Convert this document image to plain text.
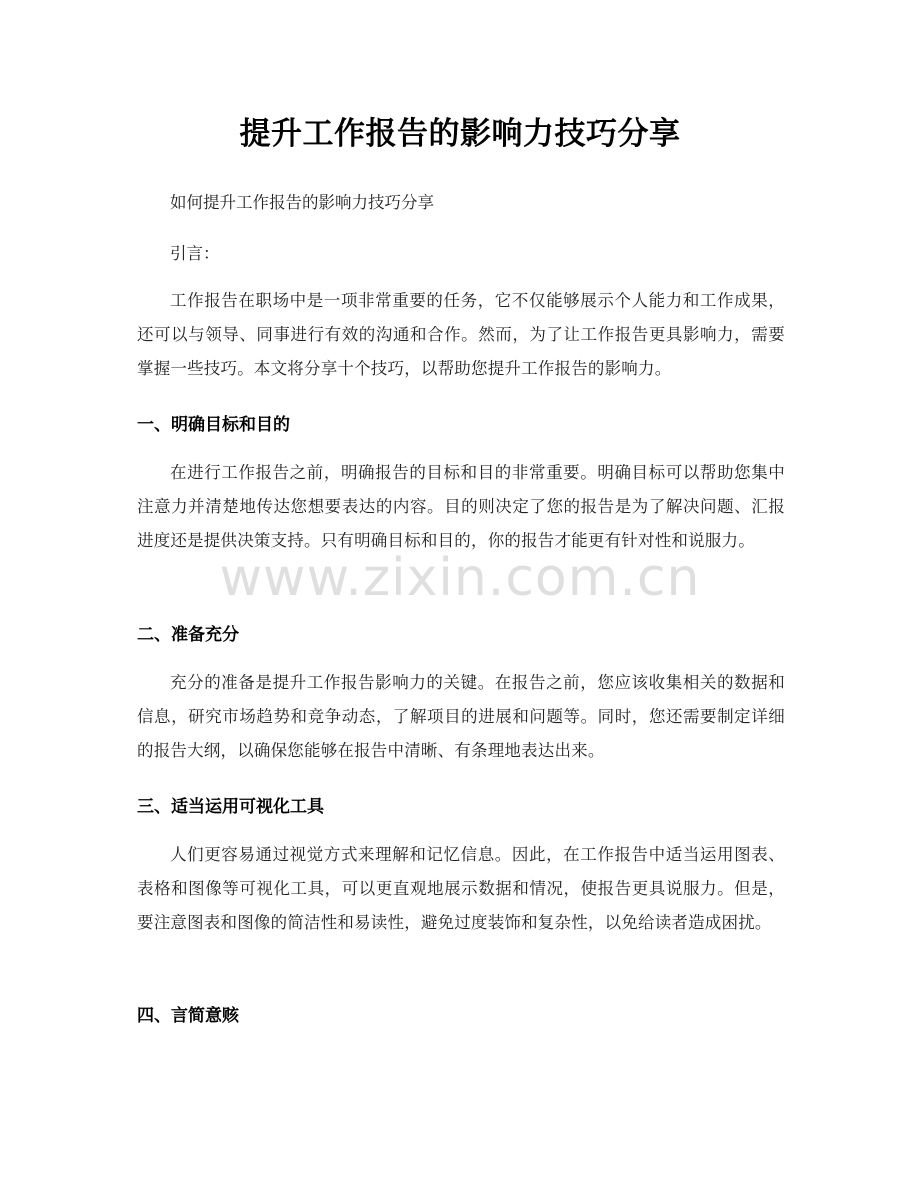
提升工作报告的影响力技巧分享
如何提升工作报告的影响力技巧分享
引言：

工作报告在职场中是一项非常重要的任务，它不仅能够展示个人能力和工作成果，还可以与领导、同事进行有效的沟通和合作。然而，为了让工作报告更具影响力，需要掌握一些技巧。本文将分享十个技巧，以帮助您提升工作报告的影响力。

一、明确目标和目的

在进行工作报告之前，明确报告的目标和目的非常重要。明确目标可以帮助您集中注意力并清楚地传达您想要表达的内容。目的则决定了您的报告是为了解决问题、汇报进度还是提供决策支持。只有明确目标和目的，你的报告才能更有针对性和说服力。

二、准备充分

充分的准备是提升工作报告影响力的关键。在报告之前，您应该收集相关的数据和信息，研究市场趋势和竞争动态，了解项目的进展和问题等。同时，您还需要制定详细的报告大纲，以确保您能够在报告中清晰、有条理地表达出来。

三、适当运用可视化工具

人们更容易通过视觉方式来理解和记忆信息。因此，在工作报告中适当运用图表、表格和图像等可视化工具，可以更直观地展示数据和情况，使报告更具说服力。但是，要注意图表和图像的简洁性和易读性，避免过度装饰和复杂性，以免给读者造成困扰。

四、言简意赅
www.zixin.com.cn
